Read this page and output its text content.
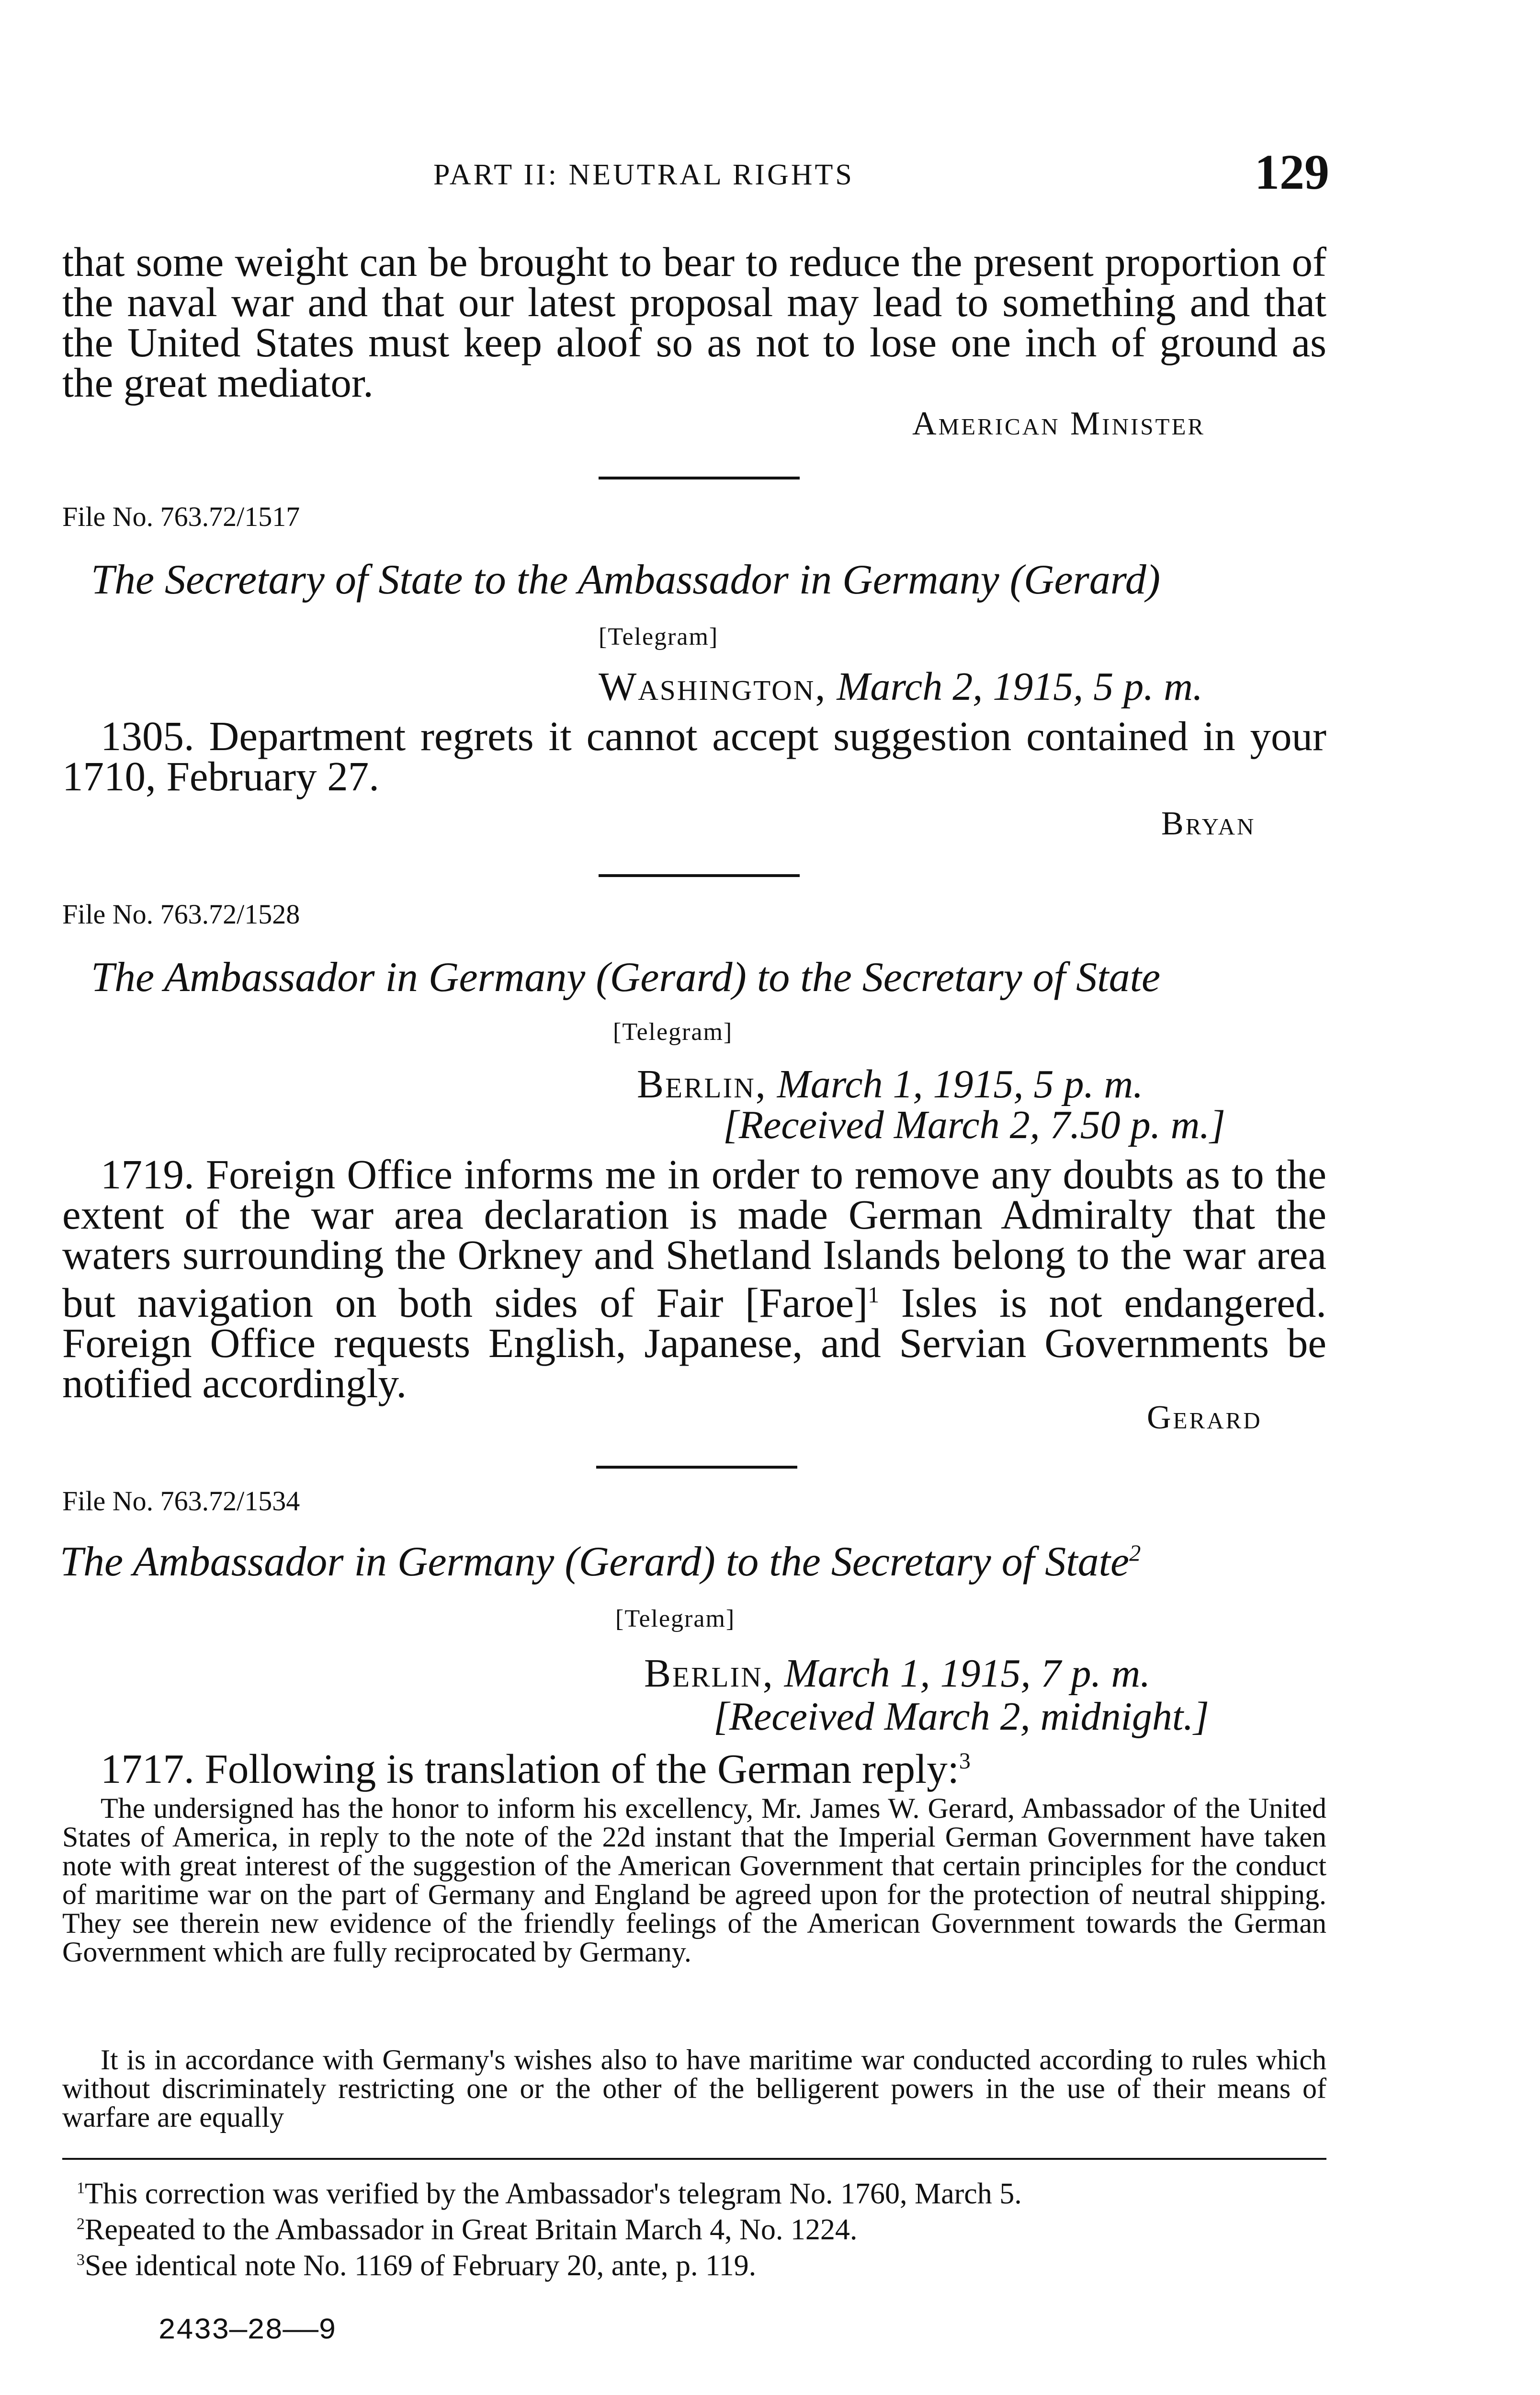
PART II: NEUTRAL RIGHTS	129
that some weight can be brought to bear to reduce the present proportion of the naval war and that our latest proposal may lead to something and that the United States must keep aloof so as not to lose one inch of ground as the great mediator.
American Minister
File No. 763.72/1517
The Secretary of State to the Ambassador in Germany (Gerard)
[Telegram]
Washington, March 2, 1915, 5 p. m.
1305. Department regrets it cannot accept suggestion contained in your 1710, February 27.
Bryan
File No. 763.72/1528
The Ambassador in Germany (Gerard) to the Secretary of State
[Telegram]
Berlin, March 1, 1915, 5 p. m.
[Received March 2, 7.50 p. m.]
1719. Foreign Office informs me in order to remove any doubts as to the extent of the war area declaration is made German Admiralty that the waters surrounding the Orkney and Shetland Islands belong to the war area but navigation on both sides of Fair [Faroe]$^1$ Isles is not endangered. Foreign Office requests English, Japanese, and Servian Governments be notified accordingly.
Gerard
File No. 763.72/1534
The Ambassador in Germany (Gerard) to the Secretary of State$^2$
[Telegram]
Berlin, March 1, 1915, 7 p. m.
[Received March 2, midnight.]
1717. Following is translation of the German reply:$^3$
The undersigned has the honor to inform his excellency, Mr. James W. Gerard, Ambassador of the United States of America, in reply to the note of the 22d instant that the Imperial German Government have taken note with great interest of the suggestion of the American Government that certain principles for the conduct of maritime war on the part of Germany and England be agreed upon for the protection of neutral shipping. They see therein new evidence of the friendly feelings of the American Government towards the German Government which are fully reciprocated by Germany.
It is in accordance with Germany's wishes also to have maritime war conducted according to rules which without discriminately restricting one or the other of the belligerent powers in the use of their means of warfare are equally
$^1$This correction was verified by the Ambassador's telegram No. 1760, March 5.
$^2$Repeated to the Ambassador in Great Britain March 4, No. 1224.
$^3$See identical note No. 1169 of February 20, ante, p. 119.
2433—28——9
